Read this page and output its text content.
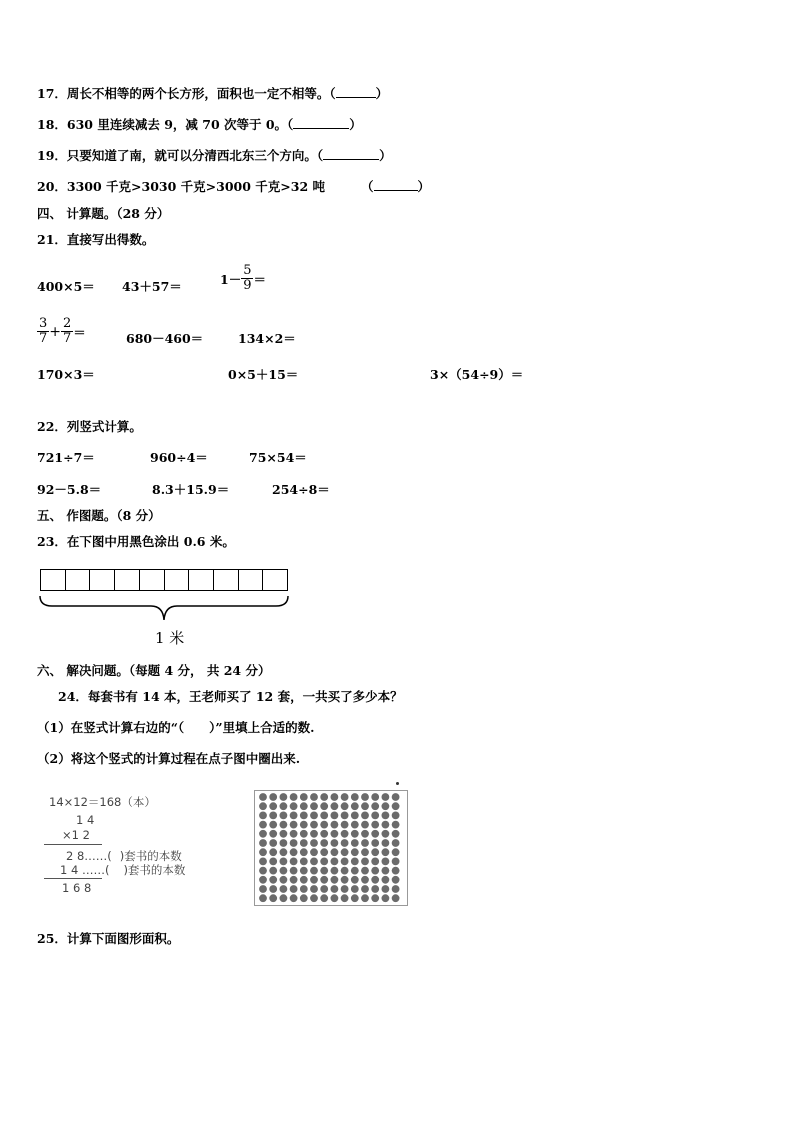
17．周长不相等的两个长方形，面积也一定不相等。（	）
18．630 里连续减去 9，减 70 次等于 0。（	）
19．只要知道了南，就可以分清西北东三个方向。（	）
20．3300 千克>3030 千克>3000 千克>32 吨	（	）
四、 计算题。（28 分）
21．直接写出得数。
400×5＝ 43＋57＝	$1- \frac{5}{9}$ ＝
$\frac{3}{7} + \frac{2}{7}$ ＝	680－460＝	134×2＝
170×3＝	0×5＋15＝	3×（54÷9）＝
22．列竖式计算。
721÷7＝	960÷4＝	75×54＝
92－5.8＝	8.3＋15.9＝	254÷8＝
五、 作图题。（8 分）
23．在下图中用黑色涂出 0.6 米。
1 米
六、 解决问题。（每题 4 分， 共 24 分）
24．每套书有 14 本，王老师买了 12 套，一共买了多少本？
（1）在竖式计算右边的“（　　）”里填上合适的数.
（2）将这个竖式的计算过程在点子图中圈出来.
14×12＝168（本）
1 4
×1 2
2 8……( )套书的本数
1 4 ……( )套书的本数
1 6 8
25．计算下面图形面积。
